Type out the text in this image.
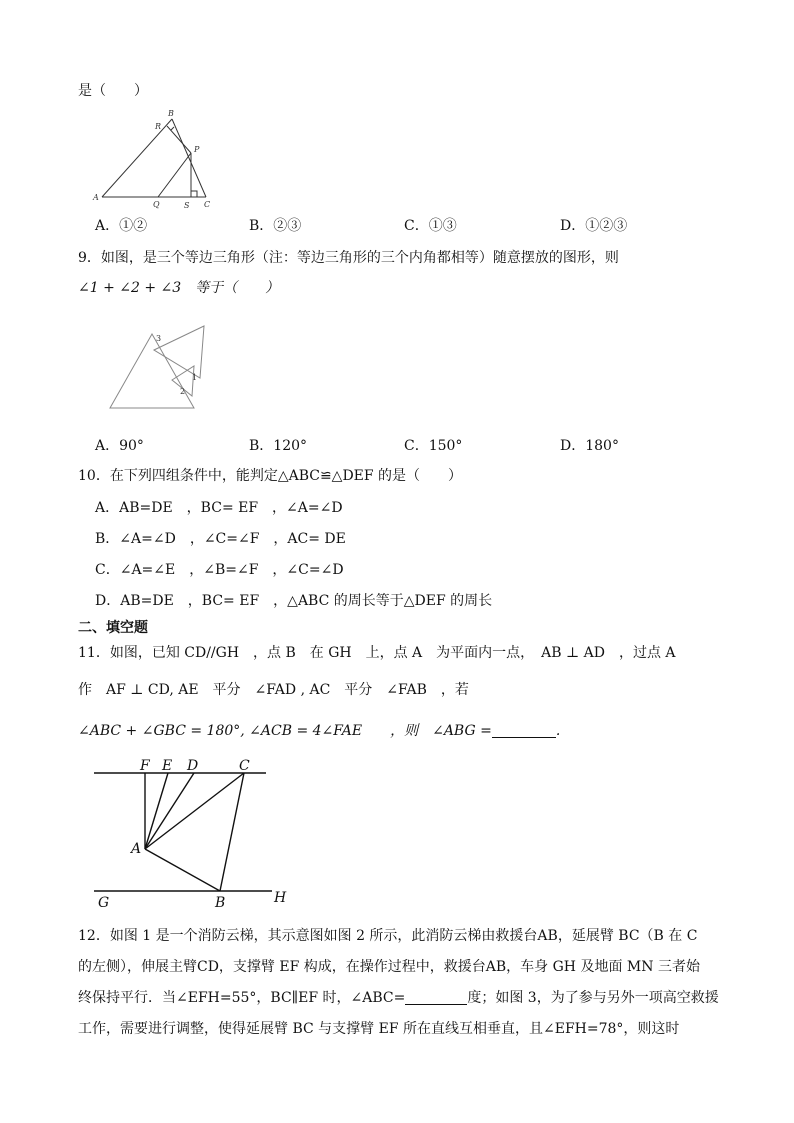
是（　　）
B
R
P
A
Q	S C
A．①②	B．②③	C．①③	D．①②③
9．如图，是三个等边三角形（注：等边三角形的三个内角都相等）随意摆放的图形，则
∠1 + ∠2 + ∠3　等于（　　）
3
1
2
A．90°	B．120°	C．150°	D．180°
10．在下列四组条件中，能判定△ABC≌△DEF 的是（　　）
A．AB=DE　，BC= EF　，∠A=∠D
B．∠A=∠D　，∠C=∠F　，AC= DE
C．∠A=∠E　，∠B=∠F　，∠C=∠D
D．AB=DE　，BC= EF　，△ABC 的周长等于△DEF 的周长
二、填空题
11．如图，已知 CD//GH　，点 B　在 GH　上，点 A　为平面内一点，　AB ⊥ AD　，过点 A
作　AF ⊥ CD, AE　平分　∠FAD , AC　平分　∠FAB　，若
∠ABC + ∠GBC = 180°, ∠ACB = 4∠FAE　　，则　∠ABG =	.
F E D	C
A
G	B	H
12．如图 1 是一个消防云梯，其示意图如图 2 所示，此消防云梯由救援台AB，延展臂 BC（B 在 C
的左侧），伸展主臂CD，支撑臂 EF 构成，在操作过程中，救援台AB，车身 GH 及地面 MN 三者始
终保持平行．当∠EFH=55°，BC∥EF 时，∠ABC=	度；如图 3，为了参与另外一项高空救援
工作，需要进行调整，使得延展臂 BC 与支撑臂 EF 所在直线互相垂直，且∠EFH=78°，则这时
